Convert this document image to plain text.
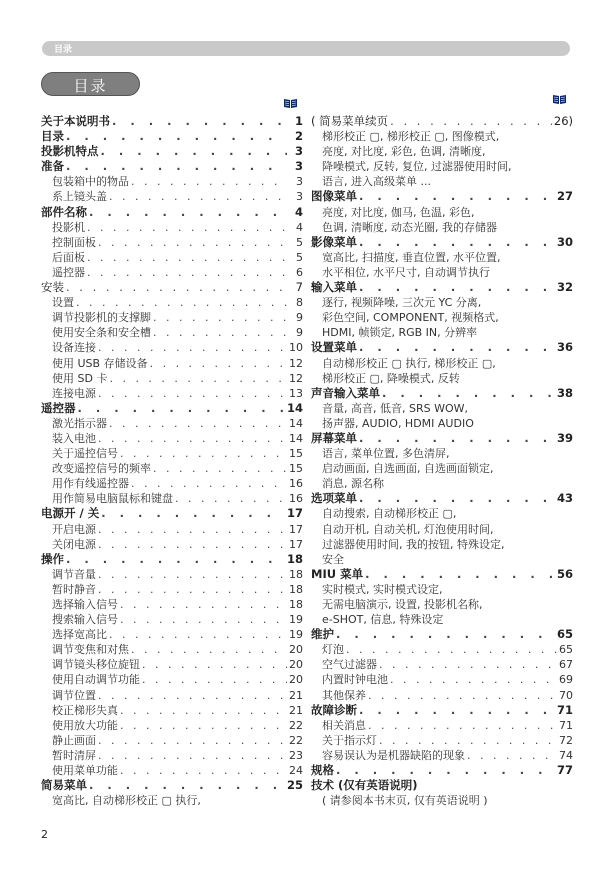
目录
目录
关于本说明书 . . .	1
目录 . . .	2
投影机特点 . . .	3
准备 . . .	3
包装箱中的物品 . . .	3
系上镜头盖 . . .	3
部件名称 . . .	4
投影机 . . .	4
控制面板 . . .	5
后面板 . . .	5
遥控器 . . .	6
安装 . . .	7
设置 . . .	8
调节投影机的支撑脚 . . .	9
使用安全条和安全槽 . . .	9
设备连接 . . .	10
使用 USB 存储设备 . . .	12
使用 SD 卡 . . .	12
连接电源 . . .	13
遥控器 . . .	14
激光指示器 . . .	14
装入电池 . . .	14
关于遥控信号 . . .	15
改变遥控信号的频率 . . .	15
用作有线遥控器 . . .	16
用作简易电脑鼠标和键盘 . . .	16
电源开 / 关 . . .	17
开启电源 . . .	17
关闭电源 . . .	17
操作 . . .	18
调节音量 . . .	18
暂时静音 . . .	18
选择输入信号 . . .	18
搜索输入信号 . . .	19
选择宽高比 . . .	19
调节变焦和对焦 . . .	20
调节镜头移位旋钮 . . .	20
使用自动调节功能 . . .	20
调节位置 . . .	21
校正梯形失真 . . .	21
使用放大功能 . . .	22
静止画面 . . .	22
暂时清屏 . . .	23
使用菜单功能 . . .	24
简易菜单 . . .	25
宽高比, 自动梯形校正 ▢ 执行,
( 简易菜单续页 . . .	26)
梯形校正 ▢, 梯形校正 ▢, 图像模式,
亮度, 对比度, 彩色, 色调, 清晰度,
降噪模式, 反转, 复位, 过滤器使用时间,
语言, 进入高级菜单 ...
图像菜单 . . .	27
亮度, 对比度, 伽马, 色温, 彩色,
色调, 清晰度, 动态光圈, 我的存储器
影像菜单 . . .	30
宽高比, 扫描度, 垂直位置, 水平位置,
水平相位, 水平尺寸, 自动调节执行
输入菜单 . . .	32
逐行, 视频降噪, 三次元 YC 分离,
彩色空间, COMPONENT, 视频格式,
HDMI, 帧锁定, RGB IN, 分辨率
设置菜单 . . .	36
自动梯形校正 ▢ 执行, 梯形校正 ▢,
梯形校正 ▢, 降噪模式, 反转
声音输入菜单 . . .	38
音量, 高音, 低音, SRS WOW,
扬声器, AUDIO, HDMI AUDIO
屏幕菜单 . . .	39
语言, 菜单位置, 多色清屏,
启动画面, 自选画面, 自选画面锁定,
消息, 源名称
选项菜单 . . .	43
自动搜索, 自动梯形校正 ▢,
自动开机, 自动关机, 灯泡使用时间,
过滤器使用时间, 我的按钮, 特殊设定,
安全
MIU 菜单 . . .	56
实时模式, 实时模式设定,
无需电脑演示, 设置, 投影机名称,
e-SHOT, 信息, 特殊设定
维护 . . .	65
灯泡 . . .	65
空气过滤器 . . .	67
内置时钟电池 . . .	69
其他保养 . . .	70
故障诊断 . . .	71
相关消息 . . .	71
关于指示灯 . . .	72
容易误认为是机器缺陷的现象 . . .	74
规格 . . .	77
技术 (仅有英语说明)
( 请参阅本书末页, 仅有英语说明 )
2
